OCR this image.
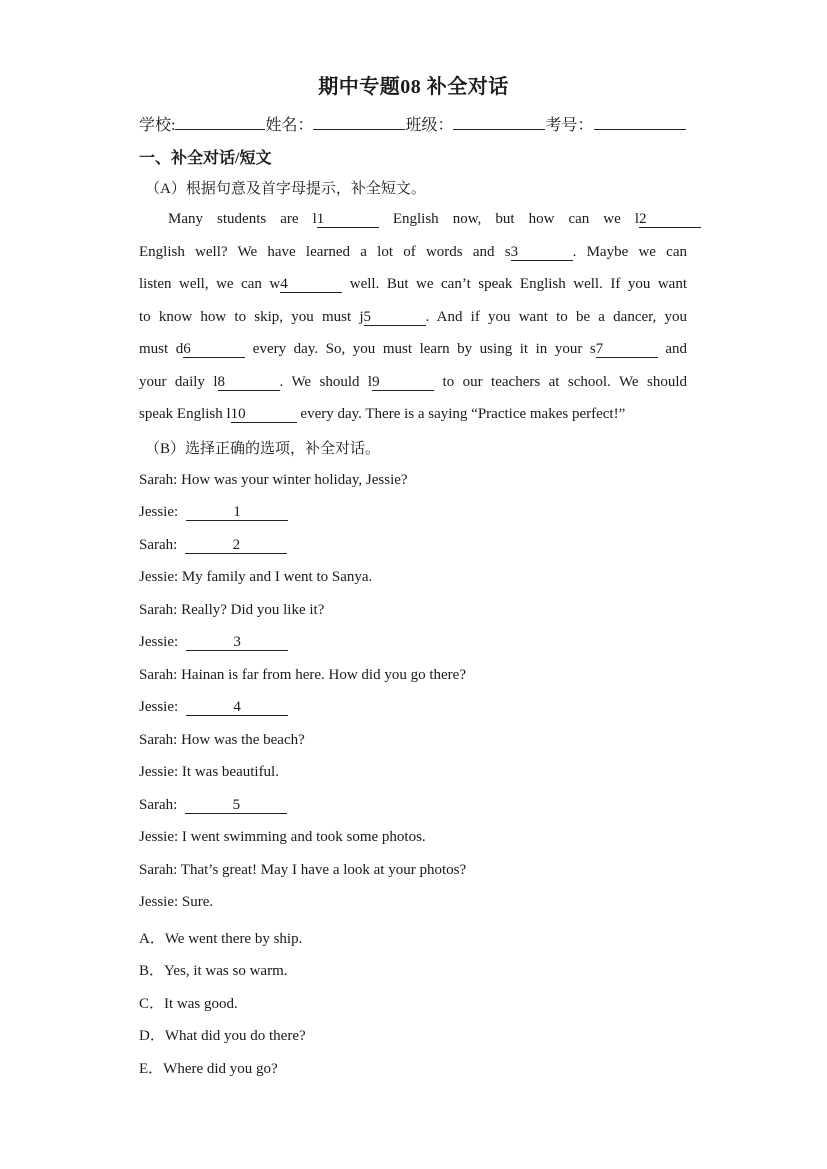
期中专题08 补全对话
学校:	姓名：	班级：	考号：
一、补全对话/短文
（A）根据句意及首字母提示，补全短文。
Many students are l1	English now, but how can we l2
English well? We have learned a lot of words and s3	. Maybe we can
listen well, we can w4	well. But we can’t speak English well. If you want
to know how to skip, you must j5	. And if you want to be a dancer, you
must d6	every day. So, you must learn by using it in your s7	and
your daily l8	. We should l9	to our teachers at school. We should
speak English l10	every day. There is a saying “Practice makes perfect!”
（B）选择正确的选项，补全对话。
Sarah: How was your winter holiday, Jessie?
Jessie:	1
Sarah:	2
Jessie: My family and I went to Sanya.
Sarah: Really? Did you like it?
Jessie:	3
Sarah: Hainan is far from here. How did you go there?
Jessie:	4
Sarah: How was the beach?
Jessie: It was beautiful.
Sarah:	5
Jessie: I went swimming and took some photos.
Sarah: That’s great! May I have a look at your photos?
Jessie: Sure.
A．We went there by ship.
B．Yes, it was so warm.
C．It was good.
D．What did you do there?
E．Where did you go?
